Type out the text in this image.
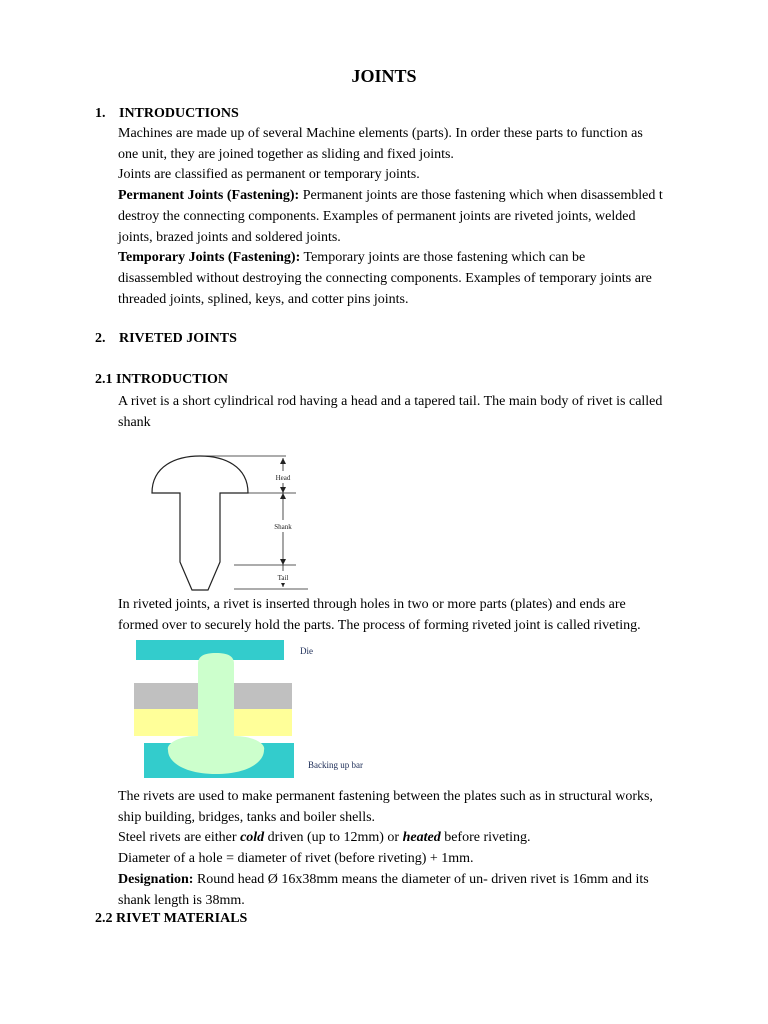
JOINTS
1. INTRODUCTIONS

Machines are made up of several Machine elements (parts). In order these parts to function as

one unit, they are joined together as sliding and fixed joints.

Joints are classified as permanent or temporary joints.

Permanent Joints (Fastening): Permanent joints are those fastening which when disassembled t

destroy the connecting components. Examples of permanent joints are riveted joints, welded

joints, brazed joints and soldered joints.

Temporary Joints (Fastening): Temporary joints are those fastening which can be

disassembled without destroying the connecting components. Examples of temporary joints are

threaded joints, splined, keys, and cotter pins joints.

2. RIVETED JOINTS
2.1 INTRODUCTION

A rivet is a short cylindrical rod having a head and a tapered tail. The main body of rivet is called

shank

Head
Shank
Tail

In riveted joints, a rivet is inserted through holes in two or more parts (plates) and ends are

formed over to securely hold the parts. The process of forming riveted joint is called riveting.

Die
Backing up bar

The rivets are used to make permanent fastening between the plates such as in structural works,

ship building, bridges, tanks and boiler shells.

Steel rivets are either cold driven (up to 12mm) or heated before riveting.

Diameter of a hole = diameter of rivet (before riveting) + 1mm.

Designation: Round head Ø 16x38mm means the diameter of un- driven rivet is 16mm and its

shank length is 38mm.

2.2 RIVET MATERIALS
